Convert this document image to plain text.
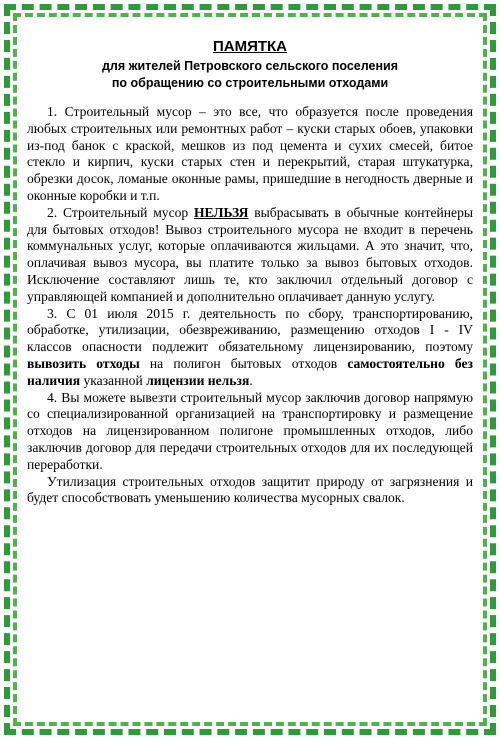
ПАМЯТКА
для жителей Петровского сельского поселения
по обращению со строительными отходами

1. Строительный мусор – это все, что образуется после проведения любых строительных или ремонтных работ – куски старых обоев, упаковки из-под банок с краской, мешков из под цемента и сухих смесей, битое стекло и кирпич, куски старых стен и перекрытий, старая штукатурка, обрезки досок, ломаные оконные рамы, пришедшие в негодность дверные и оконные коробки и т.п.

2. Строительный мусор НЕЛЬЗЯ выбрасывать в обычные контейнеры для бытовых отходов! Вывоз строительного мусора не входит в перечень коммунальных услуг, которые оплачиваются жильцами. А это значит, что, оплачивая вывоз мусора, вы платите только за вывоз бытовых отходов. Исключение составляют лишь те, кто заключил отдельный договор с управляющей компанией и дополнительно оплачивает данную услугу.

3. С 01 июля 2015 г. деятельность по сбору, транспортированию, обработке, утилизации, обезвреживанию, размещению отходов I - IV классов опасности подлежит обязательному лицензированию, поэтому вывозить отходы на полигон бытовых отходов самостоятельно без наличия указанной лицензии нельзя.

4. Вы можете вывезти строительный мусор заключив договор напрямую со специализированной организацией на транспортировку и размещение отходов на лицензированном полигоне промышленных отходов, либо заключив договор для передачи строительных отходов для их последующей переработки.

Утилизация строительных отходов защитит природу от загрязнения и будет способствовать уменьшению количества мусорных свалок.
